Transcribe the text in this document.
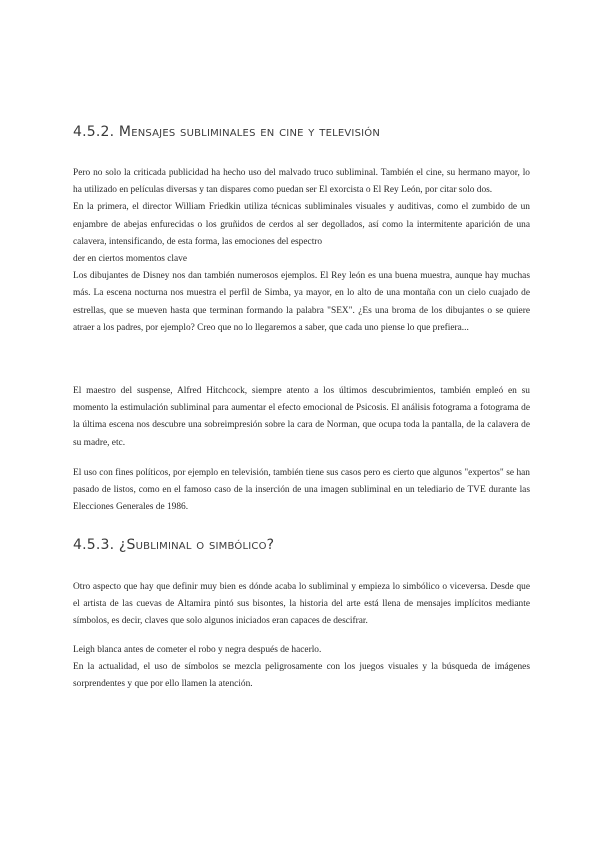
4.5.2. Mensajes subliminales en cine y televisión

Pero no solo la criticada publicidad ha hecho uso del malvado truco subliminal. También el cine, su hermano mayor, lo ha utilizado en películas diversas y tan dispares como puedan ser El exorcista o El Rey León, por citar solo dos.

En la primera, el director William Friedkin utiliza técnicas subliminales visuales y auditivas, como el zumbido de un enjambre de abejas enfurecidas o los gruñidos de cerdos al ser degollados, así como la intermitente aparición de una calavera, intensificando, de esta forma, las emociones del espectro

der en ciertos momentos clave

Los dibujantes de Disney nos dan también numerosos ejemplos. El Rey león es una buena muestra, aunque hay muchas más. La escena nocturna nos muestra el perfil de Simba, ya mayor, en lo alto de una montaña con un cielo cuajado de estrellas, que se mueven hasta que terminan formando la palabra "SEX". ¿Es una broma de los dibujantes o se quiere atraer a los padres, por ejemplo? Creo que no lo llegaremos a saber, que cada uno piense lo que prefiera...

El maestro del suspense, Alfred Hitchcock, siempre atento a los últimos descubrimientos, también empleó en su momento la estimulación subliminal para aumentar el efecto emocional de Psicosis. El análisis fotograma a fotograma de la última escena nos descubre una sobreimpresión sobre la cara de Norman, que ocupa toda la pantalla, de la calavera de su madre, etc.

El uso con fines políticos, por ejemplo en televisión, también tiene sus casos pero es cierto que algunos "expertos" se han pasado de listos, como en el famoso caso de la inserción de una imagen subliminal en un telediario de TVE durante las Elecciones Generales de 1986.

4.5.3. ¿Subliminal o simbólico?

Otro aspecto que hay que definir muy bien es dónde acaba lo subliminal y empieza lo simbólico o viceversa. Desde que el artista de las cuevas de Altamira pintó sus bisontes, la historia del arte está llena de mensajes implícitos mediante símbolos, es decir, claves que solo algunos iniciados eran capaces de descifrar.

Leigh blanca antes de cometer el robo y negra después de hacerlo.

En la actualidad, el uso de símbolos se mezcla peligrosamente con los juegos visuales y la búsqueda de imágenes sorprendentes y que por ello llamen la atención.
